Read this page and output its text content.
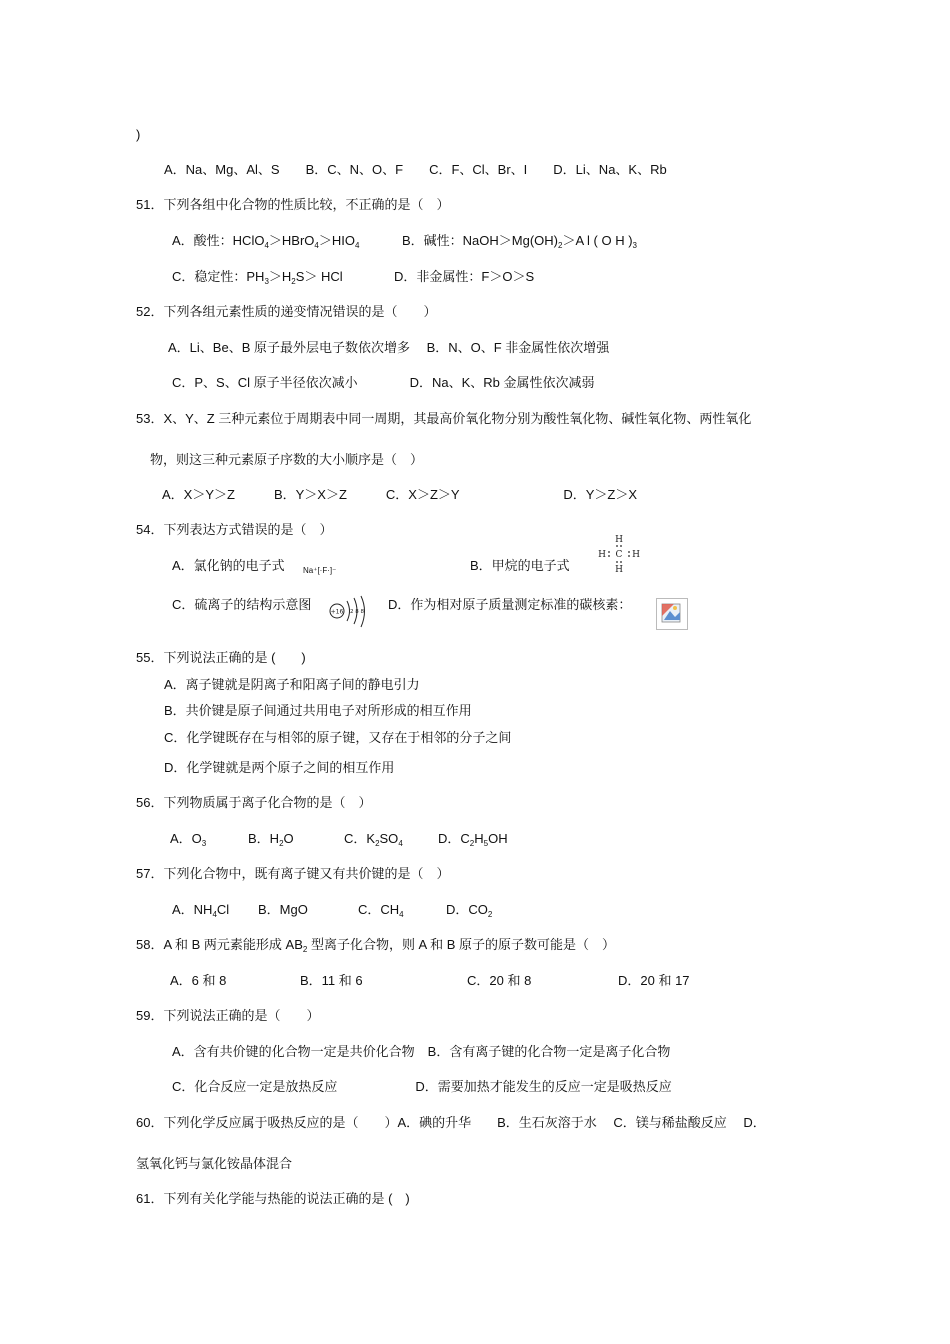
)
A．Na、Mg、Al、S　　B．C、N、O、F　　C．F、Cl、Br、I　　D．Li、Na、K、Rb
51．下列各组中化合物的性质比较，不正确的是（　）
A．酸性：$HClO_4>HBrO_4>HIO_4$	B．碱性：$NaOH>Mg(OH)_2>A$ l ( O H )$_3$
C．稳定性：$PH_3>H_2S>$ HCl	D．非金属性：F＞O＞S
52．下列各组元素性质的递变情况错误的是（　　）
A．Li、Be、B 原子最外层电子数依次增多　 B．N、O、F 非金属性依次增强
C．P、S、Cl 原子半径依次减小　　　　D．Na、K、Rb 金属性依次减弱
53．X、Y、Z 三种元素位于周期表中同一周期，其最高价氧化物分别为酸性氧化物、碱性氧化物、两性氧化
物，则这三种元素原子序数的大小顺序是（　）
A．X＞Y＞Z　　　B．Y＞X＞Z　　　C．X＞Z＞Y　　　　　　　　D．Y＞Z＞X
54．下列表达方式错误的是（　）
A．氯化钠的电子式 Na⁺[·F·]⁻	B．甲烷的电子式
H
H C H
H
C．硫离子的结构示意图	+16 2 8 8 D．作为相对原子质量测定标准的碳核素：
55．下列说法正确的是 (　　)
A．离子键就是阴离子和阳离子间的静电引力
B．共价键是原子间通过共用电子对所形成的相互作用
C．化学键既存在与相邻的原子键，又存在于相邻的分子之间
D．化学键就是两个原子之间的相互作用
56．下列物质属于离子化合物的是（　）
A．$O_3$	B．$H_2O$	C．$K_2SO_4$	D．$C_2H_5OH$
57．下列化合物中，既有离子键又有共价键的是（　）
A．$NH_4Cl$ B．MgO	C．$CH_4$	D．$CO_2$
58．A 和 B 两元素能形成 $AB_2$ 型离子化合物，则 A 和 B 原子的原子数可能是（　）
A．6 和 8	B．11 和 6	C．20 和 8	D．20 和 17
59．下列说法正确的是（　　）
A．含有共价键的化合物一定是共价化合物　B．含有离子键的化合物一定是离子化合物
C．化合反应一定是放热反应　　　　　　D．需要加热才能发生的反应一定是吸热反应
60．下列化学反应属于吸热反应的是（　　）A．碘的升华　　B．生石灰溶于水　 C．镁与稀盐酸反应　 D．
氢氧化钙与氯化铵晶体混合
61．下列有关化学能与热能的说法正确的是 (　)
